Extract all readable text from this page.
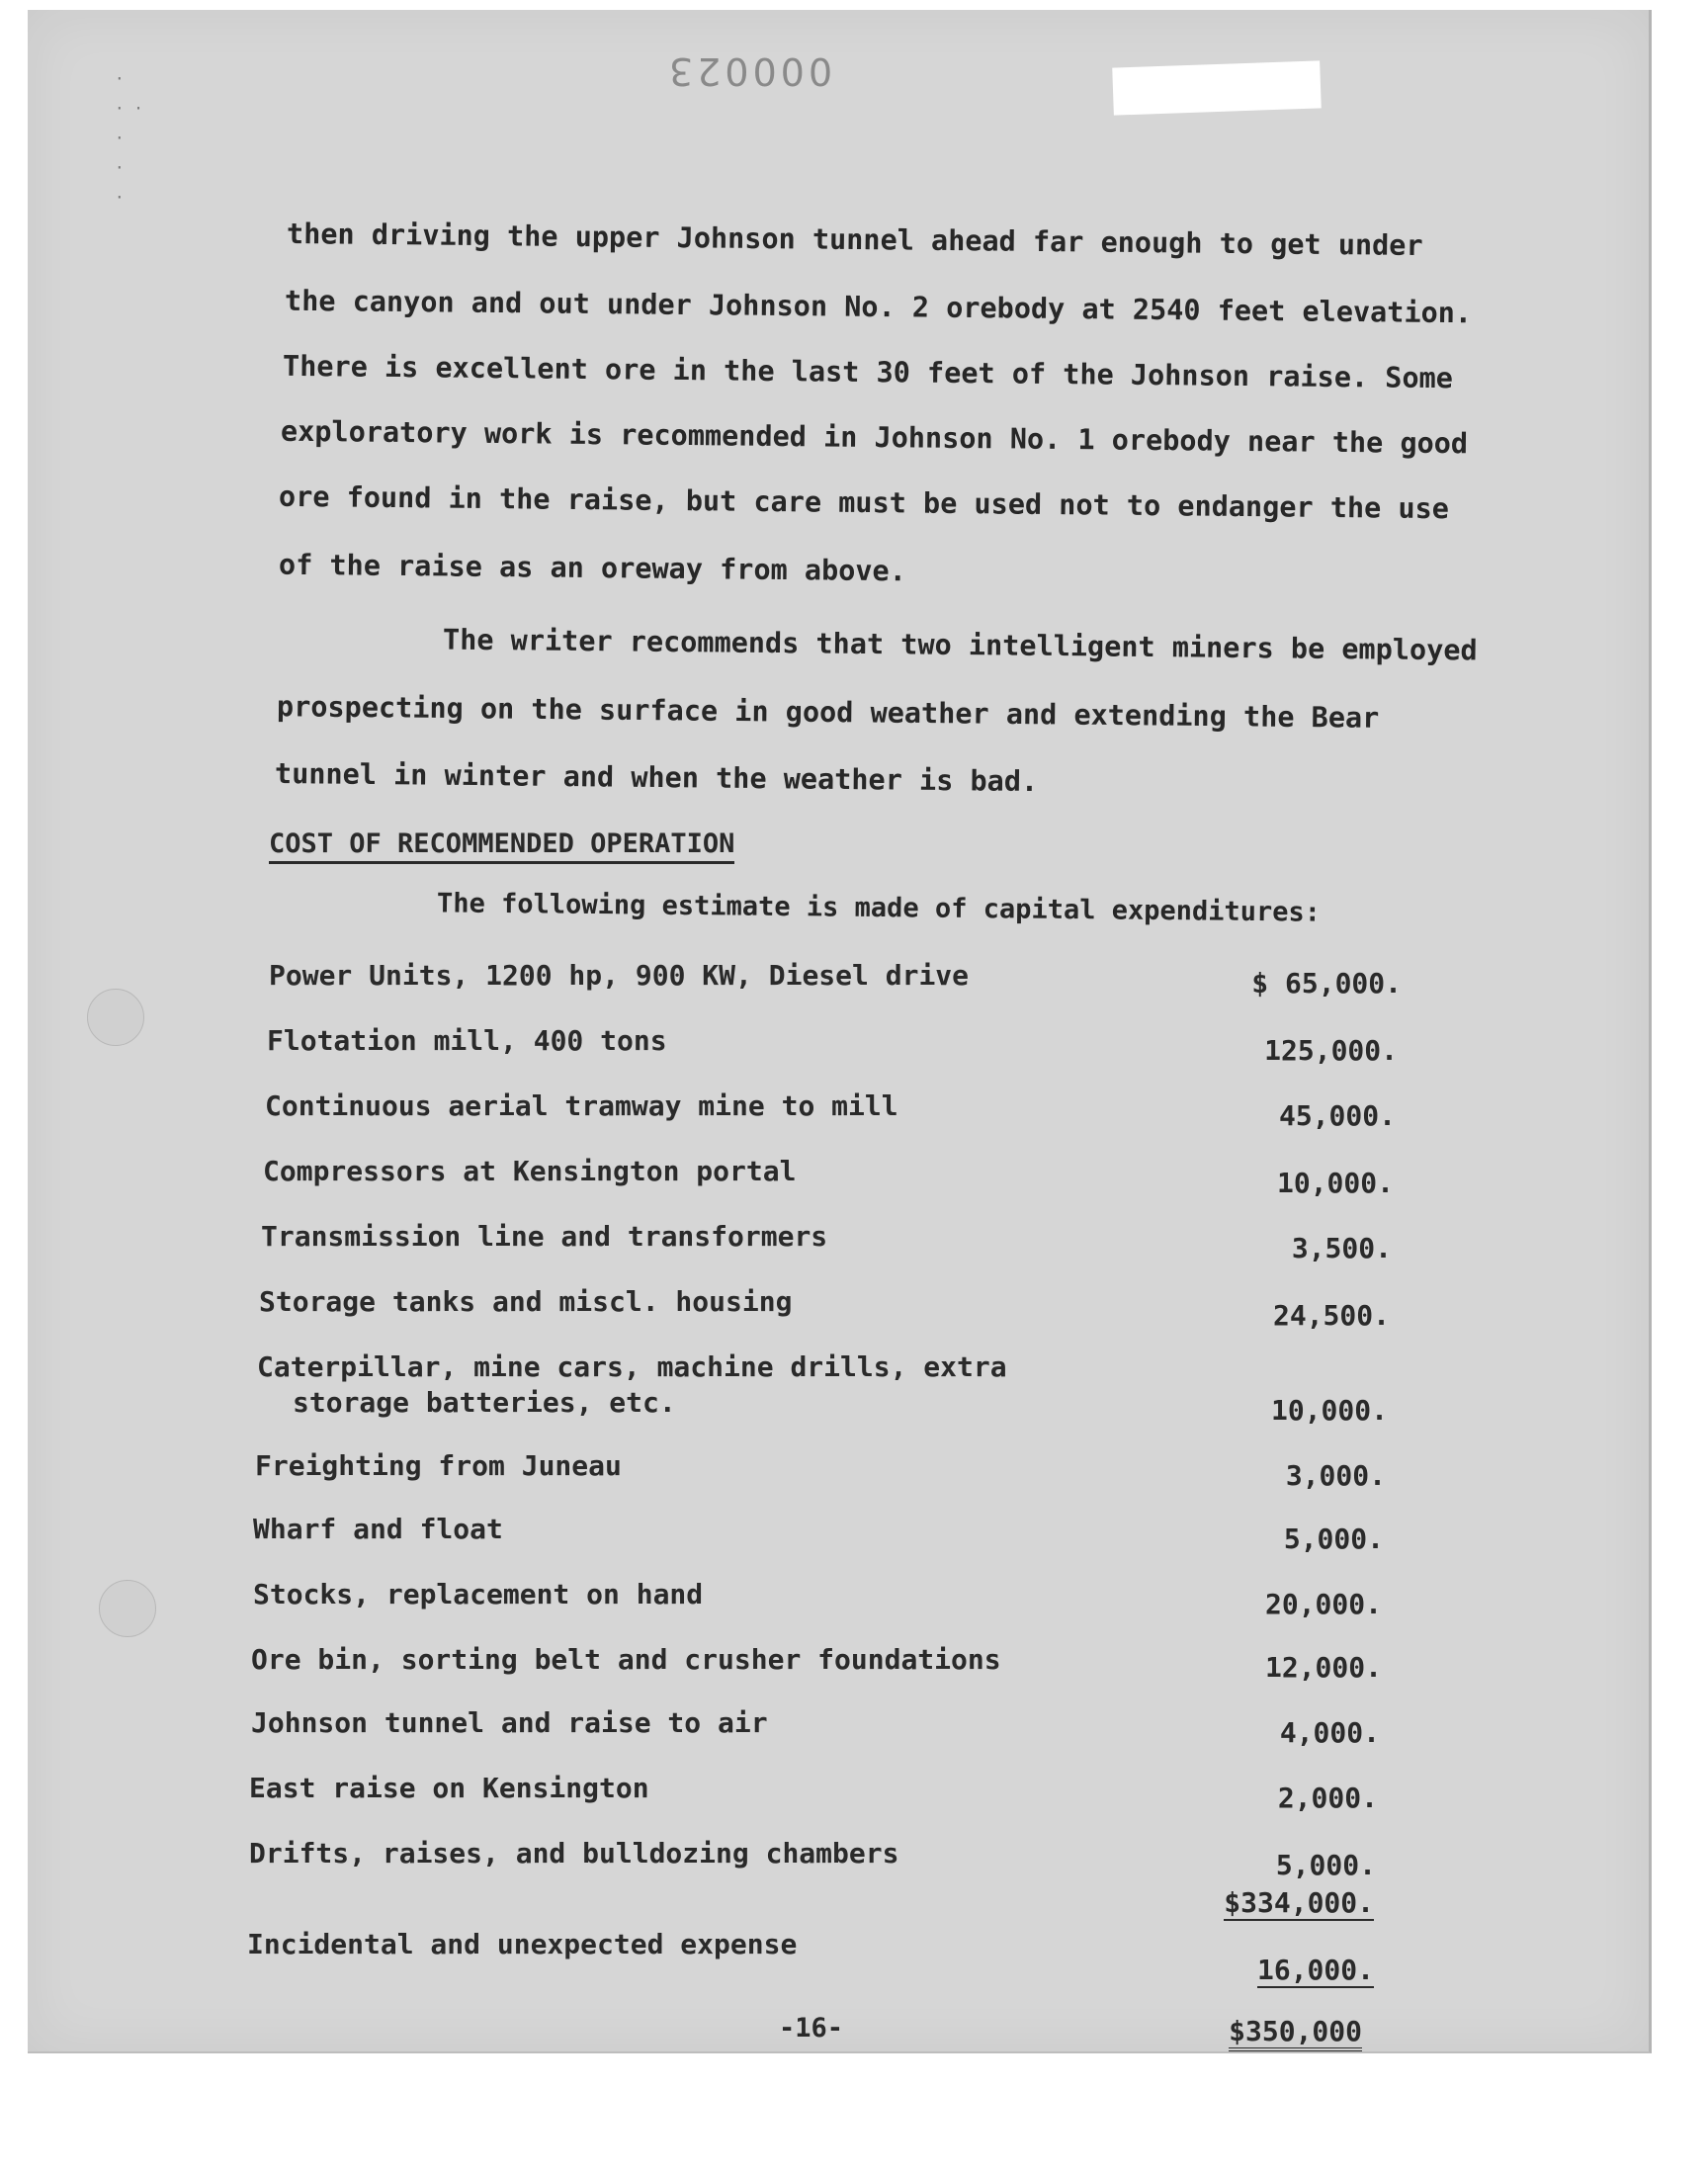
·
· ·
·
·
·
000023
then driving the upper Johnson tunnel ahead far enough to get under
the canyon and out under Johnson No. 2 orebody at 2540 feet elevation.
There is excellent ore in the last 30 feet of the Johnson raise. Some
exploratory work is recommended in Johnson No. 1 orebody near the good
ore found in the raise, but care must be used not to endanger the use
of the raise as an oreway from above.
The writer recommends that two intelligent miners be employed
prospecting on the surface in good weather and extending the Bear
tunnel in winter and when the weather is bad.
COST OF RECOMMENDED OPERATION
The following estimate is made of capital expenditures:
Power Units, 1200 hp, 900 KW, Diesel drive
Flotation mill, 400 tons
Continuous aerial tramway mine to mill
Compressors at Kensington portal
Transmission line and transformers
Storage tanks and miscl. housing
Caterpillar, mine cars, machine drills, extra
storage batteries, etc.
Freighting from Juneau
Wharf and float
Stocks, replacement on hand
Ore bin, sorting belt and crusher foundations
Johnson tunnel and raise to air
East raise on Kensington
Drifts, raises, and bulldozing chambers
Incidental and unexpected expense
$ 65,000.
125,000.
45,000.
10,000.
3,500.
24,500.
10,000.
3,000.
5,000.
20,000.
12,000.
4,000.
2,000.
5,000.
$334,000.
16,000.
$350,000
-16-
